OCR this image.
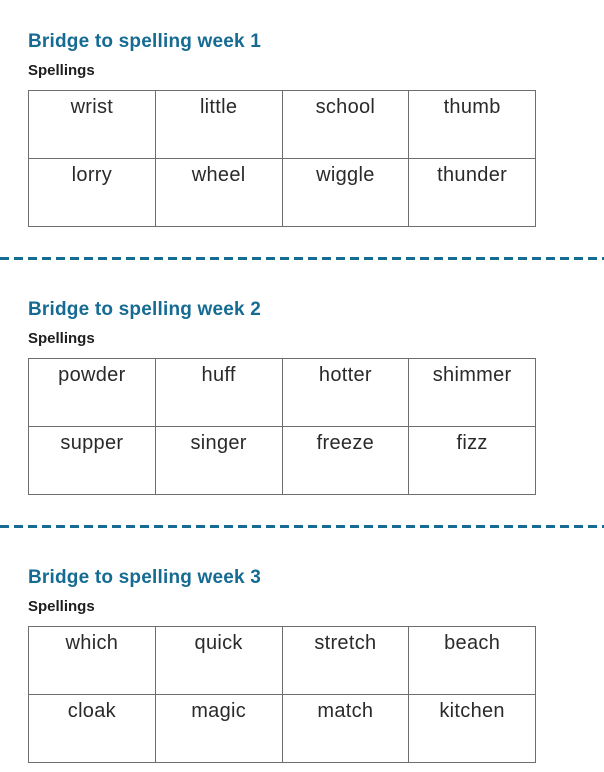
Bridge to spelling week 1
Spellings
wrist	little	school	thumb
lorry	wheel	wiggle	thunder
Bridge to spelling week 2
Spellings
powder	huff	hotter	shimmer
supper	singer	freeze	fizz
Bridge to spelling week 3
Spellings
which	quick	stretch	beach
cloak	magic	match	kitchen
